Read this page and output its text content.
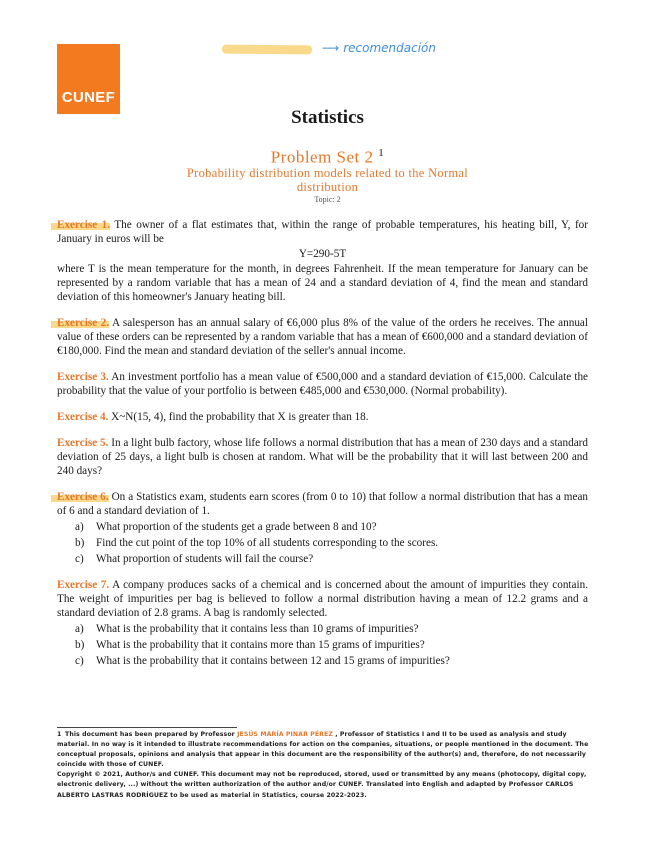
CUNEF
⟶ recomendación
Statistics
Problem Set 2 $^1$
Probability distribution models related to the Normal
distribution
Topic: 2
Exercise 1. The owner of a flat estimates that, within the range of probable temperatures, his heating bill, Y, for January in euros will be
Y=290-5T
where T is the mean temperature for the month, in degrees Fahrenheit. If the mean temperature for January can be represented by a random variable that has a mean of 24 and a standard deviation of 4, find the mean and standard deviation of this homeowner's January heating bill.
Exercise 2. A salesperson has an annual salary of €6,000 plus 8% of the value of the orders he receives. The annual value of these orders can be represented by a random variable that has a mean of €600,000 and a standard deviation of €180,000. Find the mean and standard deviation of the seller's annual income.
Exercise 3. An investment portfolio has a mean value of €500,000 and a standard deviation of €15,000. Calculate the probability that the value of your portfolio is between €485,000 and €530,000. (Normal probability).
Exercise 4. X~N(15, 4), find the probability that X is greater than 18.
Exercise 5. In a light bulb factory, whose life follows a normal distribution that has a mean of 230 days and a standard deviation of 25 days, a light bulb is chosen at random. What will be the probability that it will last between 200 and 240 days?
Exercise 6. On a Statistics exam, students earn scores (from 0 to 10) that follow a normal distribution that has a mean of 6 and a standard deviation of 1.
a) What proportion of the students get a grade between 8 and 10?
b) Find the cut point of the top 10% of all students corresponding to the scores.
c) What proportion of students will fail the course?
Exercise 7. A company produces sacks of a chemical and is concerned about the amount of impurities they contain. The weight of impurities per bag is believed to follow a normal distribution having a mean of 12.2 grams and a standard deviation of 2.8 grams. A bag is randomly selected.
a) What is the probability that it contains less than 10 grams of impurities?
b) What is the probability that it contains more than 15 grams of impurities?
c) What is the probability that it contains between 12 and 15 grams of impurities?
1 This document has been prepared by Professor JESÚS MARÍA PINAR PÉREZ , Professor of Statistics I and II to be used as analysis and study material. In no way is it intended to illustrate recommendations for action on the companies, situations, or people mentioned in the document. The conceptual proposals, opinions and analysis that appear in this document are the responsibility of the author(s) and, therefore, do not necessarily coincide with those of CUNEF.
Copyright © 2021, Author/s and CUNEF. This document may not be reproduced, stored, used or transmitted by any means (photocopy, digital copy, electronic delivery, ...) without the written authorization of the author and/or CUNEF. Translated into English and adapted by Professor CARLOS ALBERTO LASTRAS RODRÍGUEZ to be used as material in Statistics, course 2022-2023.
